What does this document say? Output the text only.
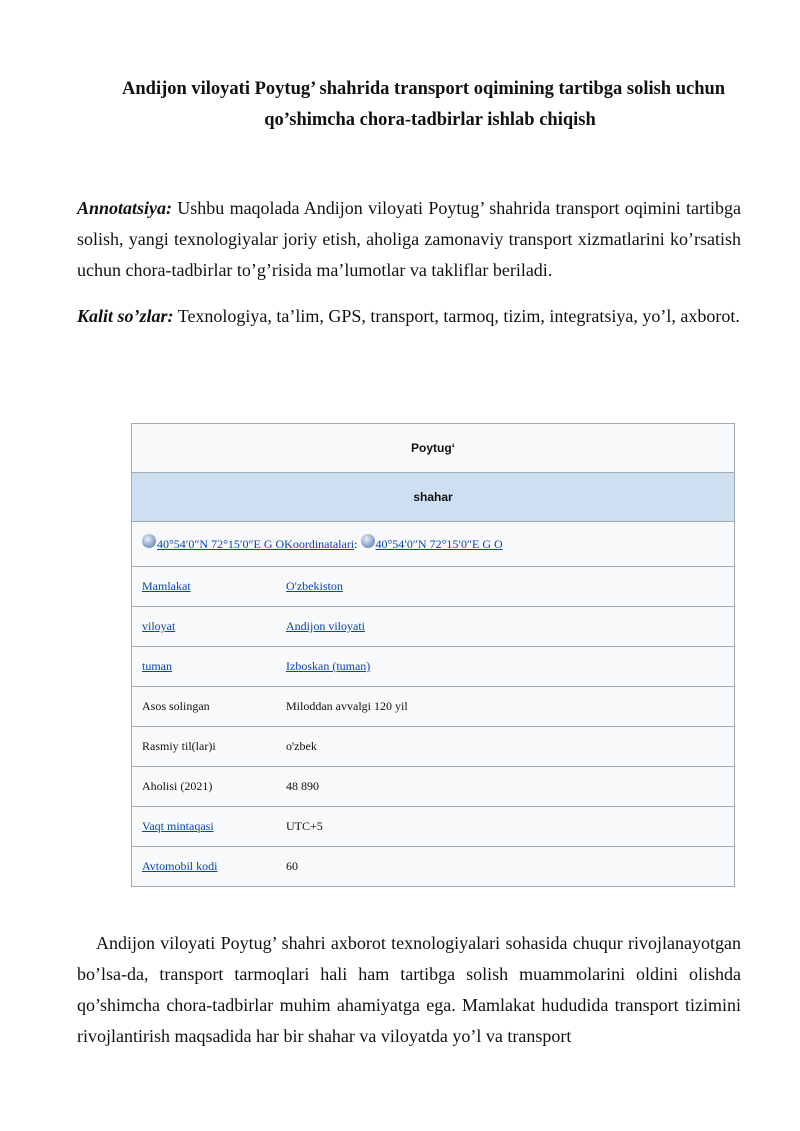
Andijon viloyati Poytug’ shahrida transport oqimining tartibga solish uchun
qo’shimcha chora-tadbirlar ishlab chiqish
Annotatsiya: Ushbu maqolada Andijon viloyati Poytug’ shahrida transport oqimini tartibga solish, yangi texnologiyalar joriy etish, aholiga zamonaviy transport xizmatlarini ko’rsatish uchun chora-tadbirlar to’g’risida ma’lumotlar va takliflar beriladi.
Kalit so’zlar: Texnologiya, ta’lim, GPS, transport, tarmoq, tizim, integratsiya, yo’l, axborot.
Poytug‘
shahar
40°54′0″N 72°15′0″E G O Koordinatalari :
40°54′0″N 72°15′0″E G O
Mamlakat	O'zbekiston
viloyat	Andijon viloyati
tuman	Izboskan (tuman)
Asos solingan	Miloddan avvalgi 120 yil
Rasmiy til(lar)i	o'zbek
Aholisi (2021)	48 890
Vaqt mintaqasi	UTC+5
Avtomobil kodi	60
Andijon viloyati Poytug’ shahri axborot texnologiyalari sohasida chuqur rivojlanayotgan bo’lsa-da, transport tarmoqlari hali ham tartibga solish muammolarini oldini olishda qo’shimcha chora-tadbirlar muhim ahamiyatga ega. Mamlakat hududida transport tizimini rivojlantirish maqsadida har bir shahar va viloyatda yo’l va transport
